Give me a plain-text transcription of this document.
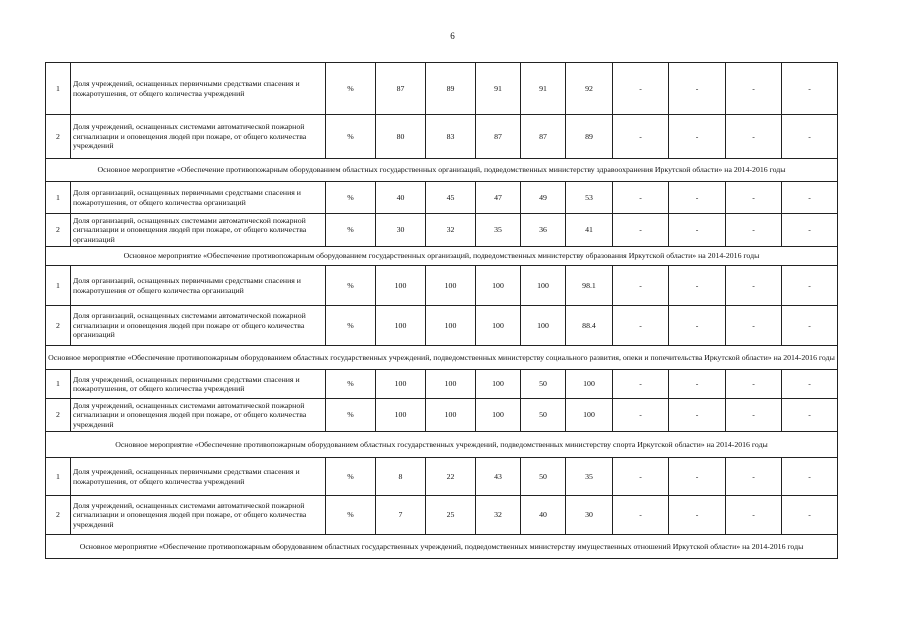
6
1	Доля учреждений, оснащенных первичными средствами спасения и пожаротушения, от общего количества учреждений	%	87	89	91	91	92	-	-	-	-
2	Доля учреждений, оснащенных системами автоматической пожарной сигнализации и оповещения людей при пожаре, от общего количества учреждений	%	80	83	87	87	89	-	-	-	-
Основное мероприятие «Обеспечение противопожарным оборудованием областных государственных организаций, подведомственных министерству здравоохранения Иркутской области» на 2014-2016 годы											
1	Доля организаций, оснащенных первичными средствами спасения и пожаротушения, от общего количества организаций	%	40	45	47	49	53	-	-	-	-
2	Доля организаций, оснащенных системами автоматической пожарной сигнализации и оповещения людей при пожаре, от общего количества организаций	%	30	32	35	36	41	-	-	-	-
Основное мероприятие «Обеспечение противопожарным оборудованием государственных организаций, подведомственных министерству образования Иркутской области» на 2014-2016 годы											
1	Доля организаций, оснащенных первичными средствами спасения и пожаротушения от общего количества организаций	%	100	100	100	100	98.1	-	-	-	-
2	Доля организаций, оснащенных системами автоматической пожарной сигнализации и оповещения людей при пожаре от общего количества организаций	%	100	100	100	100	88.4	-	-	-	-
Основное мероприятие «Обеспечение противопожарным оборудованием областных государственных учреждений, подведомственных министерству социального развития, опеки и попечительства Иркутской области» на 2014-2016 годы											
1	Доля учреждений, оснащенных первичными средствами спасения и пожаротушения, от общего количества учреждений	%	100	100	100	50	100	-	-	-	-
2	Доля учреждений, оснащенных системами автоматической пожарной сигнализации и оповещения людей при пожаре, от общего количества учреждений	%	100	100	100	50	100	-	-	-	-
Основное мероприятие «Обеспечение противопожарным оборудованием областных государственных учреждений, подведомственных министерству спорта Иркутской области» на 2014-2016 годы											
1	Доля учреждений, оснащенных первичными средствами спасения и пожаротушения, от общего количества учреждений	%	8	22	43	50	35	-	-	-	-
2	Доля учреждений, оснащенных системами автоматической пожарной сигнализации и оповещения людей при пожаре, от общего количества учреждений	%	7	25	32	40	30	-	-	-	-
Основное мероприятие «Обеспечение противопожарным оборудованием областных государственных учреждений, подведомственных министерству имущественных отношений Иркутской области» на 2014-2016 годы											
